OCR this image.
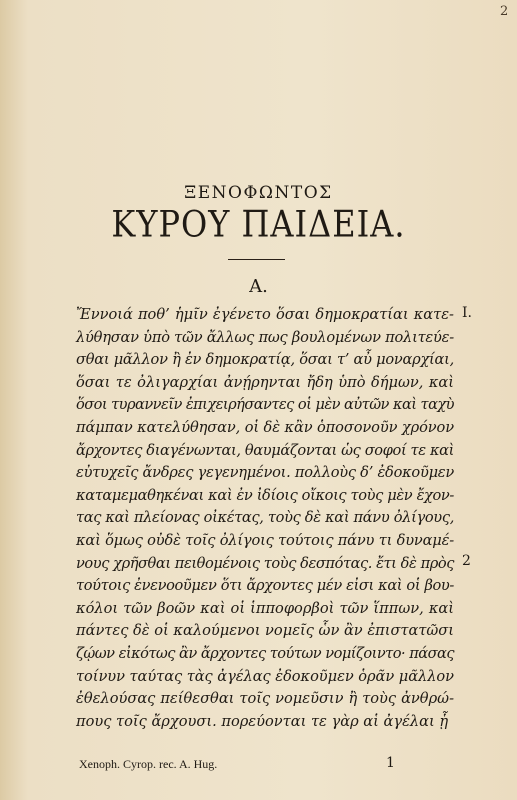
2
ΞΕΝΟΦΩΝΤΟΣ
ΚΥΡΟΥ ΠΑΙΔΕΙΑ.
Α.
Ἔννοιά ποθ’ ἡμῖν ἐγένετο ὅσαι δημοκρατίαι κατε-
λύθησαν ὑπὸ τῶν ἄλλως πως βουλομένων πολιτεύε-
σθαι μᾶλλον ἢ ἐν δημοκρατίᾳ, ὅσαι τ’ αὖ μοναρχίαι,
ὅσαι τε ὀλιγαρχίαι ἀνῄρηνται ἤδη ὑπὸ δήμων, καὶ
ὅσοι τυραννεῖν ἐπιχειρήσαντες οἱ μὲν αὐτῶν καὶ ταχὺ
πάμπαν κατελύθησαν, οἱ δὲ κἂν ὁποσονοῦν χρόνον
ἄρχοντες διαγένωνται, θαυμάζονται ὡς σοφοί τε καὶ
εὐτυχεῖς ἄνδρες γεγενημένοι. πολλοὺς δ’ ἐδοκοῦμεν
καταμεμαθηκέναι καὶ ἐν ἰδίοις οἴκοις τοὺς μὲν ἔχον-
τας καὶ πλείονας οἰκέτας, τοὺς δὲ καὶ πάνυ ὀλίγους,
καὶ ὅμως οὐδὲ τοῖς ὀλίγοις τούτοις πάνυ τι δυναμέ-
νους χρῆσθαι πειθομένοις τοὺς δεσπότας. ἔτι δὲ πρὸς
τούτοις ἐνενοοῦμεν ὅτι ἄρχοντες μέν εἰσι καὶ οἱ βου-
κόλοι τῶν βοῶν καὶ οἱ ἱπποφορβοὶ τῶν ἵππων, καὶ
πάντες δὲ οἱ καλούμενοι νομεῖς ὧν ἂν ἐπιστατῶσι
ζῴων εἰκότως ἂν ἄρχοντες τούτων νομίζοιντο· πάσας
τοίνυν ταύτας τὰς ἀγέλας ἐδοκοῦμεν ὁρᾶν μᾶλλον
ἐθελούσας πείθεσθαι τοῖς νομεῦσιν ἢ τοὺς ἀνθρώ-
πους τοῖς ἄρχουσι. πορεύονται τε γὰρ αἱ ἀγέλαι ᾗ
I.
2
Xenoph. Cyrop. rec. A. Hug.	1
